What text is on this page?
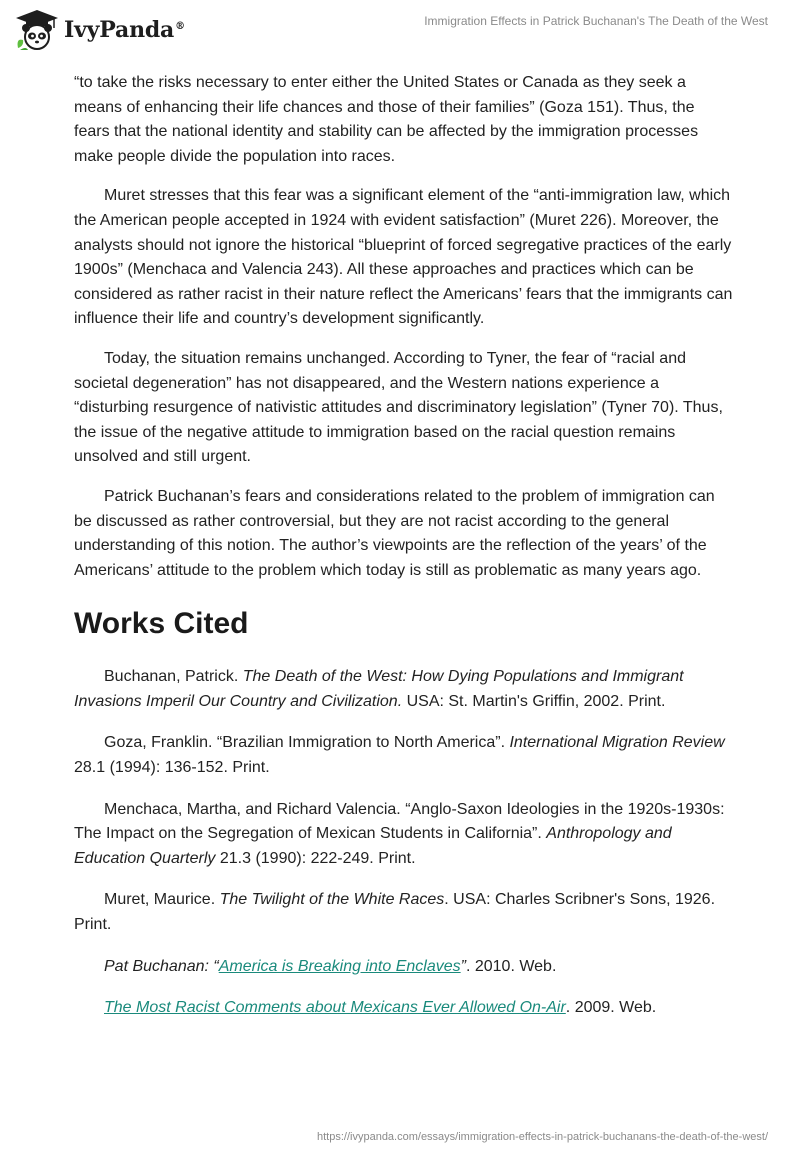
IvyPanda®	Immigration Effects in Patrick Buchanan's The Death of the West

“to take the risks necessary to enter either the United States or Canada as they seek a means of enhancing their life chances and those of their families” (Goza 151). Thus, the fears that the national identity and stability can be affected by the immigration processes make people divide the population into races.

Muret stresses that this fear was a significant element of the “anti-immigration law, which the American people accepted in 1924 with evident satisfaction” (Muret 226). Moreover, the analysts should not ignore the historical “blueprint of forced segregative practices of the early 1900s” (Menchaca and Valencia 243). All these approaches and practices which can be considered as rather racist in their nature reflect the Americans’ fears that the immigrants can influence their life and country’s development significantly.

Today, the situation remains unchanged. According to Tyner, the fear of “racial and societal degeneration” has not disappeared, and the Western nations experience a “disturbing resurgence of nativistic attitudes and discriminatory legislation” (Tyner 70). Thus, the issue of the negative attitude to immigration based on the racial question remains unsolved and still urgent.

Patrick Buchanan’s fears and considerations related to the problem of immigration can be discussed as rather controversial, but they are not racist according to the general understanding of this notion. The author’s viewpoints are the reflection of the years’ of the Americans’ attitude to the problem which today is still as problematic as many years ago.

Works Cited
Buchanan, Patrick. The Death of the West: How Dying Populations and Immigrant Invasions Imperil Our Country and Civilization. USA: St. Martin's Griffin, 2002. Print.
Goza, Franklin. “Brazilian Immigration to North America”. International Migration Review 28.1 (1994): 136-152. Print.
Menchaca, Martha, and Richard Valencia. “Anglo-Saxon Ideologies in the 1920s-1930s: The Impact on the Segregation of Mexican Students in California”. Anthropology and Education Quarterly 21.3 (1990): 222-249. Print.
Muret, Maurice. The Twilight of the White Races. USA: Charles Scribner's Sons, 1926. Print.
Pat Buchanan: “America is Breaking into Enclaves”. 2010. Web.
The Most Racist Comments about Mexicans Ever Allowed On-Air. 2009. Web.
https://ivypanda.com/essays/immigration-effects-in-patrick-buchanans-the-death-of-the-west/
